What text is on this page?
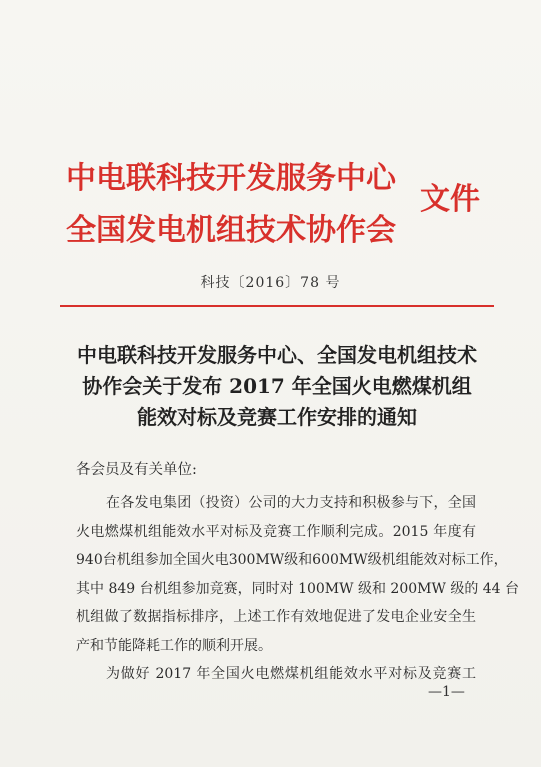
中电联科技开发服务中心
全国发电机组技术协作会
文件
科技〔2016〕78 号
中电联科技开发服务中心、全国发电机组技术
协作会关于发布 2017 年全国火电燃煤机组
能效对标及竞赛工作安排的通知
各会员及有关单位:
在各发电集团（投资）公司的大力支持和积极参与下，全国
火电燃煤机组能效水平对标及竞赛工作顺利完成。2015 年度有
940台机组参加全国火电300MW级和600MW级机组能效对标工作，
其中 849 台机组参加竞赛，同时对 100MW 级和 200MW 级的 44 台
机组做了数据指标排序，上述工作有效地促进了发电企业安全生
产和节能降耗工作的顺利开展。
为做好 2017 年全国火电燃煤机组能效水平对标及竞赛工
—1—
